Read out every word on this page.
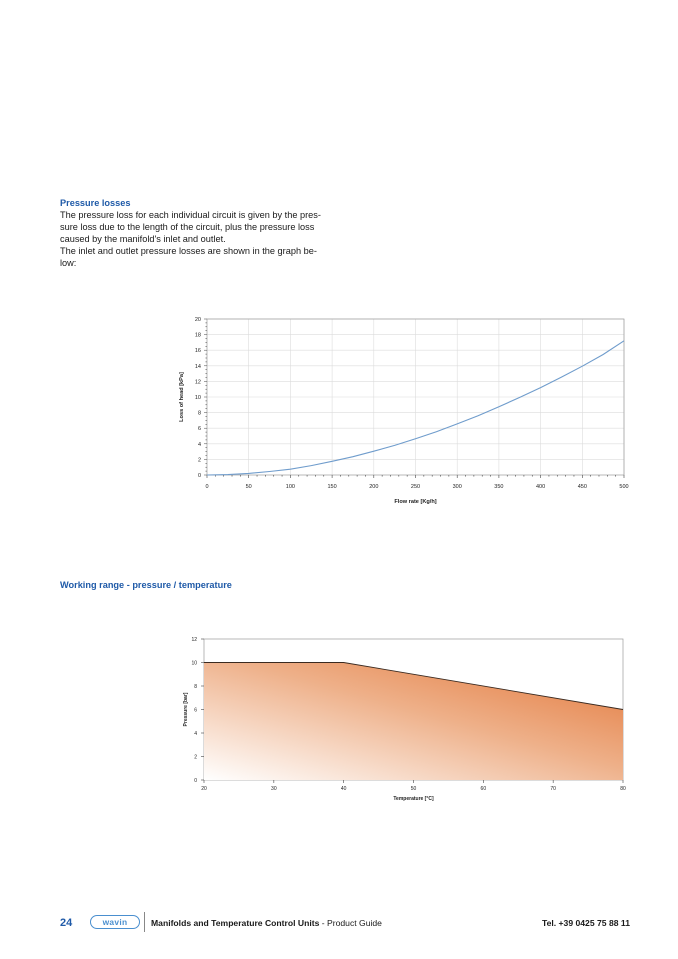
Pressure losses

The pressure loss for each individual circuit is given by the pres-

sure loss due to the length of the circuit, plus the pressure loss

caused by the manifold's inlet and outlet.

The inlet and outlet pressure losses are shown in the graph be-

low:

0	50	100	150	200	250	300	350	400	450	500
0
2
4
6
8
10
12
14
16
18
20
Flow rate [Kg/h]
Loss of head [kPa]
Working range - pressure / temperature
20	30	40	50	60	70	80
0
2
4
6
8
10
12
Temperature [°C]
Pressure [bar]
24	wavin	Manifolds and Temperature Control Units - Product Guide	Tel. +39 0425 75 88 11
